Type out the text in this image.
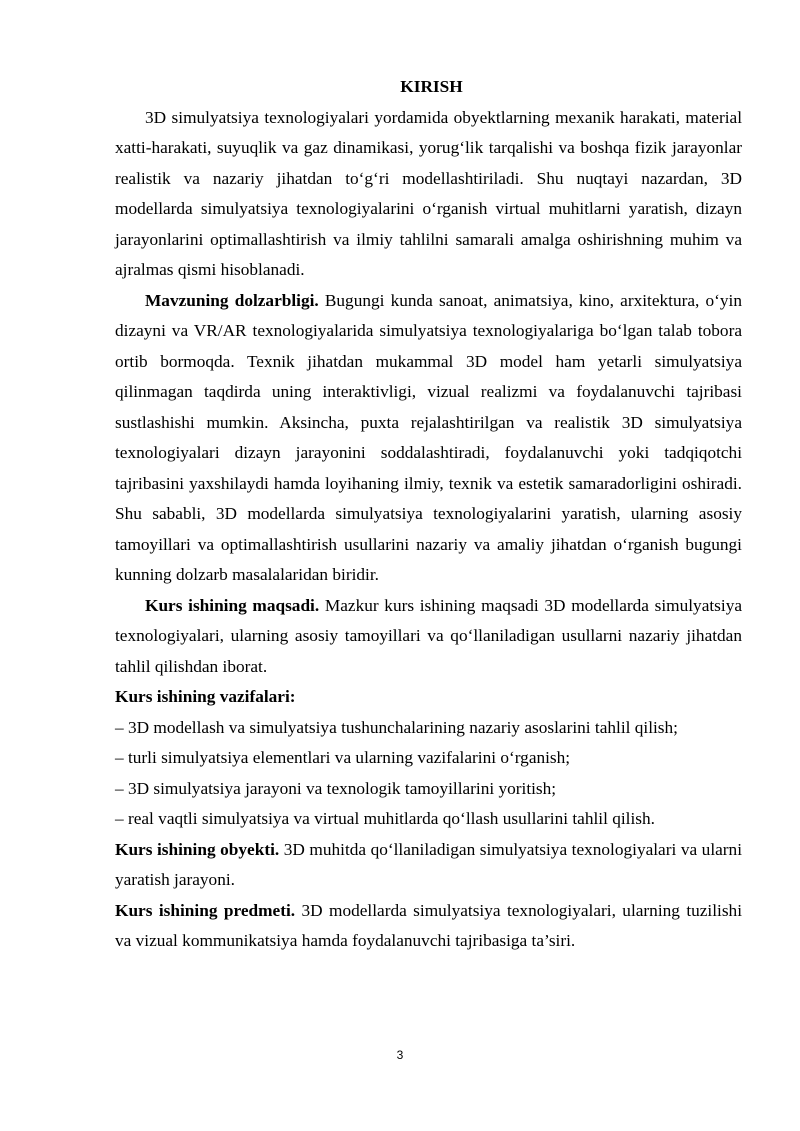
KIRISH

3D simulyatsiya texnologiyalari yordamida obyektlarning mexanik harakati, material xatti-harakati, suyuqlik va gaz dinamikasi, yorug‘lik tarqalishi va boshqa fizik jarayonlar realistik va nazariy jihatdan to‘g‘ri modellashtiriladi. Shu nuqtayi nazardan, 3D modellarda simulyatsiya texnologiyalarini o‘rganish virtual muhitlarni yaratish, dizayn jarayonlarini optimallashtirish va ilmiy tahlilni samarali amalga oshirishning muhim va ajralmas qismi hisoblanadi.

Mavzuning dolzarbligi. Bugungi kunda sanoat, animatsiya, kino, arxitektura, o‘yin dizayni va VR/AR texnologiyalarida simulyatsiya texnologiyalariga bo‘lgan talab tobora ortib bormoqda. Texnik jihatdan mukammal 3D model ham yetarli simulyatsiya qilinmagan taqdirda uning interaktivligi, vizual realizmi va foydalanuvchi tajribasi sustlashishi mumkin. Aksincha, puxta rejalashtirilgan va realistik 3D simulyatsiya texnologiyalari dizayn jarayonini soddalashtiradi, foydalanuvchi yoki tadqiqotchi tajribasini yaxshilaydi hamda loyihaning ilmiy, texnik va estetik samaradorligini oshiradi. Shu sababli, 3D modellarda simulyatsiya texnologiyalarini yaratish, ularning asosiy tamoyillari va optimallashtirish usullarini nazariy va amaliy jihatdan o‘rganish bugungi kunning dolzarb masalalaridan biridir.

Kurs ishining maqsadi. Mazkur kurs ishining maqsadi 3D modellarda simulyatsiya texnologiyalari, ularning asosiy tamoyillari va qo‘llaniladigan usullarni nazariy jihatdan tahlil qilishdan iborat.

Kurs ishining vazifalari:

– 3D modellash va simulyatsiya tushunchalarining nazariy asoslarini tahlil qilish;

– turli simulyatsiya elementlari va ularning vazifalarini o‘rganish;

– 3D simulyatsiya jarayoni va texnologik tamoyillarini yoritish;

– real vaqtli simulyatsiya va virtual muhitlarda qo‘llash usullarini tahlil qilish.

Kurs ishining obyekti. 3D muhitda qo‘llaniladigan simulyatsiya texnologiyalari va ularni yaratish jarayoni.

Kurs ishining predmeti. 3D modellarda simulyatsiya texnologiyalari, ularning tuzilishi va vizual kommunikatsiya hamda foydalanuvchi tajribasiga ta’siri.

3
